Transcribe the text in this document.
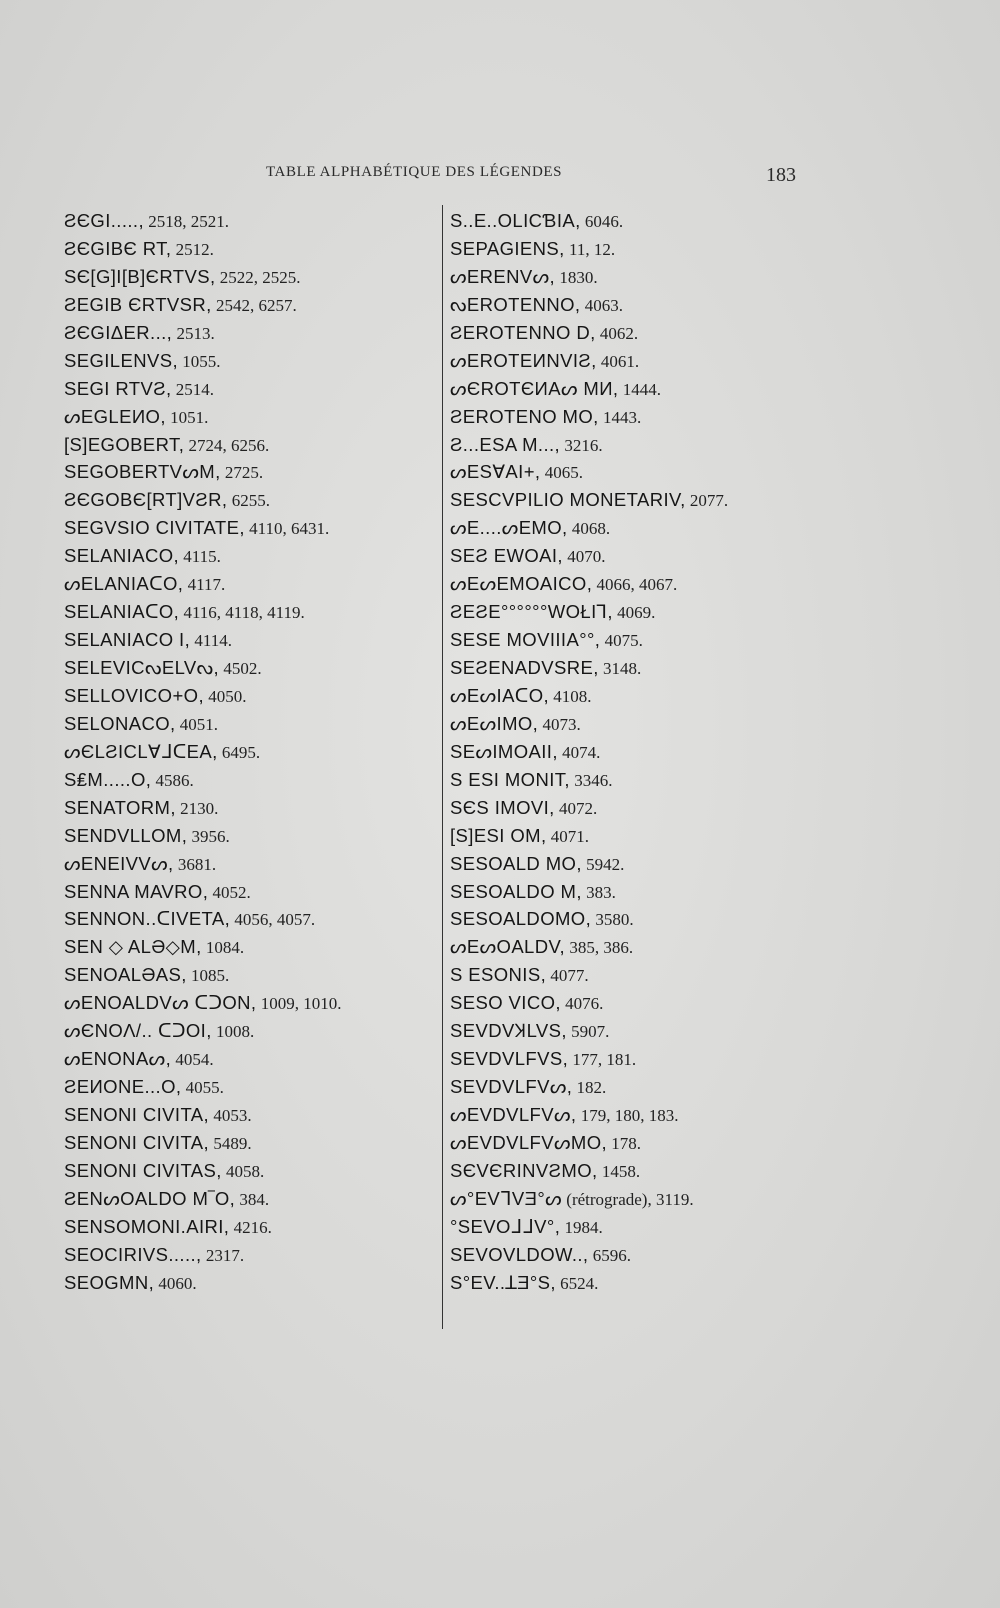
TABLE ALPHABÉTIQUE DES LÉGENDES	183
ƧЄGI....., 2518, 2521.
ƧЄGIBЄ RT, 2512.
SЄ[G]I[B]ЄRTVS, 2522, 2525.
ƧEGIB ЄRTVSR, 2542, 6257.
ƧЄGIΔER..., 2513.
SEGILENVS, 1055.
SEGI RTVƧ, 2514.
ᔕEGLEИO, 1051.
[S]EGOBERT, 2724, 6256.
SEGOBERTVᔕM, 2725.
ƧЄGOBЄ[RT]VƧR, 6255.
SEGVSIO CIVITATE, 4110, 6431.
SELANIACO, 4115.
ᔕELANIAᑕO, 4117.
SELANIAᑕO, 4116, 4118, 4119.
SELANIACO I, 4114.
SELEVICᔓELVᔓ, 4502.
SELLOVICO+O, 4050.
SELONACO, 4051.
ᔕЄLƧICLⱯᒧᑕEA, 6495.
S₤M.....O, 4586.
SENATORM, 2130.
SENDVLLOM, 3956.
ᔕENEIVVᔕ, 3681.
SENNA MAVRO, 4052.
SENNON..ᑕIVETA, 4056, 4057.
SEN ◇ ALӘ◇M, 1084.
SENOALӘAS, 1085.
ᔕENOALDVᔕ ᑕᑐON, 1009, 1010.
ᔕЄNOɅ/.. ᑕᑐOI, 1008.
ᔕENONAᔕ, 4054.
ƧEИONE...O, 4055.
SENONI CIVITA, 4053.
SENONI CIVITA, 5489.
SENONI CIVITAS, 4058.
ƧENᔕOALDO M‾O, 384.
SENSOMONI.AIRI, 4216.
SEOCIRIVS....., 2317.
SEOGMN, 4060.
S..E..OLICƁIA, 6046.
SEPAGIENS, 11, 12.
ᔕERENVᔕ, 1830.
ᔓEROTENNO, 4063.
ƧEROTENNO D, 4062.
ᔕEROTEИNVIƧ, 4061.
ᔕЄROTЄИAᔕ MИ, 1444.
ƧEROTENO MO, 1443.
Ƨ...ESA M..., 3216.
ᔕESⱯAI+, 4065.
SESCVPILIO MONETARIV, 2077.
ᔕE....ᔕEMO, 4068.
SEƧ EWOAI, 4070.
ᔕEᔕEMOAICO, 4066, 4067.
ƧEƧE°°°°°°WOŁIꓶ, 4069.
SESE MOVIIIA°°, 4075.
SEƧENADVSRE, 3148.
ᔕEᔕIAᑕO, 4108.
ᔕEᔕIMO, 4073.
SEᔕIMOAII, 4074.
S ESI MONIT, 3346.
SЄS IMOVI, 4072.
[S]ESI OM, 4071.
SESOALD MO, 5942.
SESOALDO M, 383.
SESOALDOMO, 3580.
ᔕEᔕOALDV, 385, 386.
S ESONIS, 4077.
SESO VICO, 4076.
SEVDVꞰLVS, 5907.
SEVDVLFVS, 177, 181.
SEVDVLFVᔕ, 182.
ᔕEVDVLFVᔕ, 179, 180, 183.
ᔕEVDVLFVᔕMO, 178.
SЄVЄRINVƧMO, 1458.
ᔕ°EVᒣVƎ°ᔕ (rétrograde), 3119.
°SEVOᒧᒧV°, 1984.
SEVOVLDOW.., 6596.
S°EV..ꓕƎ°S, 6524.
